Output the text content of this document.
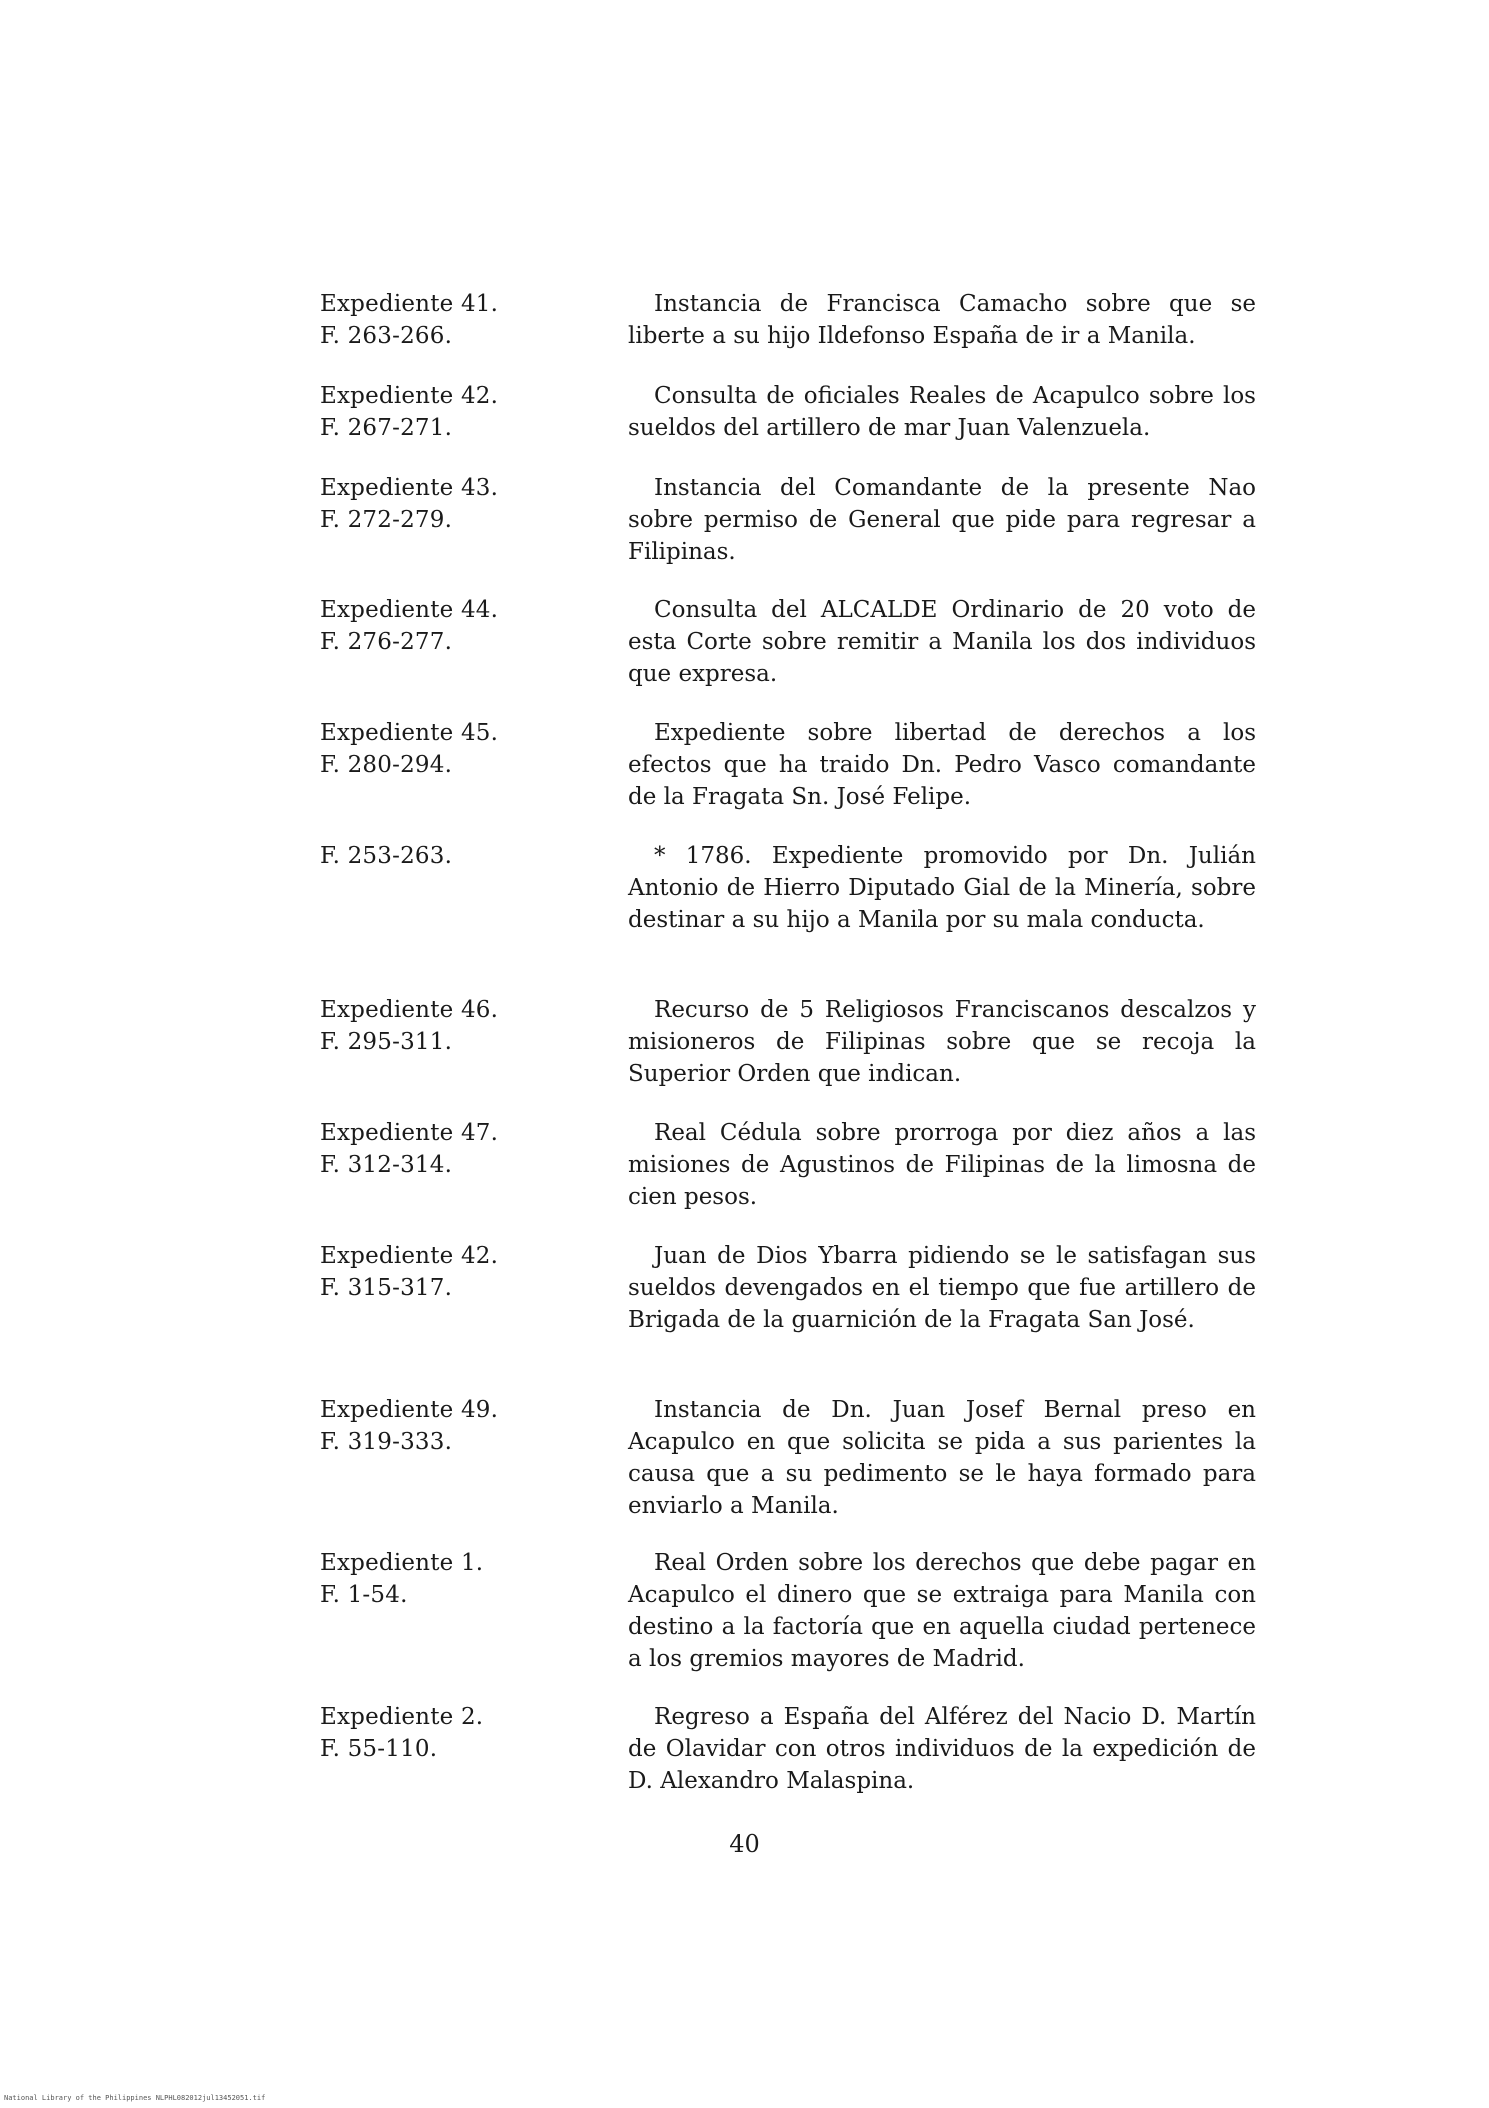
Expediente 41.
F. 263-266.
Instancia de Francisca Camacho sobre que se liberte a su hijo Ildefonso España de ir a Manila.
Expediente 42.
F. 267-271.
Consulta de oficiales Reales de Acapulco sobre los sueldos del artillero de mar Juan Valenzuela.
Expediente 43.
F. 272-279.
Instancia del Comandante de la presente Nao sobre permiso de General que pide para regresar a Filipinas.
Expediente 44.
F. 276-277.
Consulta del ALCALDE Ordinario de 20 voto de esta Corte sobre remitir a Manila los dos individuos que expresa.
Expediente 45.
F. 280-294.
Expediente sobre libertad de derechos a los efectos que ha traido Dn. Pedro Vasco comandante de la Fragata Sn. José Felipe.
F. 253-263.	* 1786. Expediente promovido por Dn. Julián Antonio de Hierro Diputado Gial de la Minería, sobre destinar a su hijo a Manila por su mala conducta.
Expediente 46.
F. 295-311.
Recurso de 5 Religiosos Franciscanos descalzos y misioneros de Filipinas sobre que se recoja la Superior Orden que indican.
Expediente 47.
F. 312-314.
Real Cédula sobre prorroga por diez años a las misiones de Agustinos de Filipinas de la limosna de cien pesos.
Expediente 42.
F. 315-317.
Juan de Dios Ybarra pidiendo se le satisfagan sus sueldos devengados en el tiempo que fue artillero de Brigada de la guarnición de la Fragata San José.
Expediente 49.
F. 319-333.
Instancia de Dn. Juan Josef Bernal preso en Acapulco en que solicita se pida a sus parientes la causa que a su pedimento se le haya formado para enviarlo a Manila.
Expediente 1.
F. 1-54.
Real Orden sobre los derechos que debe pagar en Acapulco el dinero que se extraiga para Manila con destino a la factoría que en aquella ciudad pertenece a los gremios mayores de Madrid.
Expediente 2.
F. 55-110.
Regreso a España del Alférez del Nacio D. Martín de Olavidar con otros individuos de la expedición de D. Alexandro Malaspina.
40
National Library of the Philippines NLPHL082012jul13452051.tif
